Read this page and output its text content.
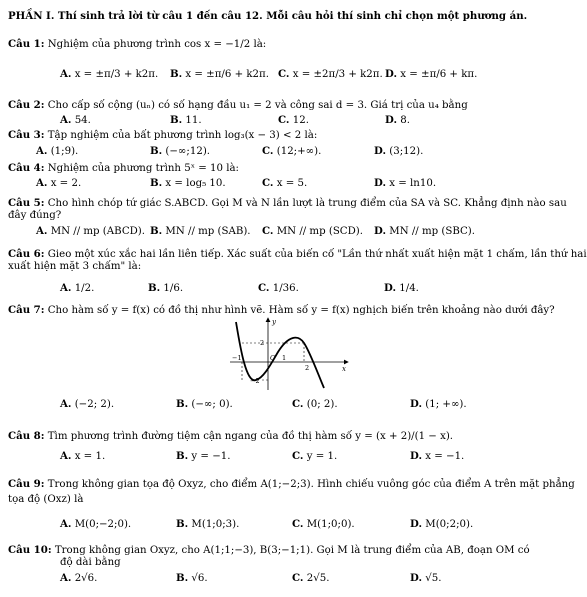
PHẦN I. Thí sinh trả lời từ câu 1 đến câu 12. Mỗi câu hỏi thí sinh chỉ chọn một phương án.
Câu 1: Nghiệm của phương trình cos x = −1/2 là:
A. x = ±π/3 + k2π. B. x = ±π/6 + k2π. C. x = ±2π/3 + k2π. D. x = ±π/6 + kπ.
Câu 2: Cho cấp số cộng (uₙ) có số hạng đầu u₁ = 2 và công sai d = 3. Giá trị của u₄ bằng
A. 54.	B. 11.	C. 12.	D. 8.
Câu 3: Tập nghiệm của bất phương trình log₃(x − 3) < 2 là:
A. (1;9).	B. (−∞;12).	C. (12;+∞).	D. (3;12).
Câu 4: Nghiệm của phương trình 5ˣ = 10 là:
A. x = 2.	B. x = log₅ 10.	C. x = 5.	D. x = ln10.
Câu 5: Cho hình chóp tứ giác S.ABCD. Gọi M và N lần lượt là trung điểm của SA và SC. Khẳng định nào sau
đây đúng?
A. MN // mp (ABCD). B. MN // mp (SAB). C. MN // mp (SCD). D. MN // mp (SBC).
Câu 6: Gieo một xúc xắc hai lần liên tiếp. Xác suất của biến cố "Lần thứ nhất xuất hiện mặt 1 chấm, lần thứ hai
xuất hiện mặt 3 chấm" là:
A. 1/2.	B. 1/6.	C. 1/36.	D. 1/4.
Câu 7: Cho hàm số y = f(x) có đồ thị như hình vẽ. Hàm số y = f(x) nghịch biến trên khoảng nào dưới đây?
y
x
O
2
−1	1
2
−2
A. (−2; 2).	B. (−∞; 0).	C. (0; 2).	D. (1; +∞).
Câu 8: Tìm phương trình đường tiệm cận ngang của đồ thị hàm số y = (x + 2)/(1 − x).
A. x = 1.	B. y = −1.	C. y = 1.	D. x = −1.
Câu 9: Trong không gian tọa độ Oxyz, cho điểm A(1;−2;3). Hình chiếu vuông góc của điểm A trên mặt phẳng
tọa độ (Oxz) là
A. M(0;−2;0).	B. M(1;0;3).	C. M(1;0;0).	D. M(0;2;0).
Câu 10: Trong không gian Oxyz, cho A(1;1;−3), B(3;−1;1). Gọi M là trung điểm của AB, đoạn OM có
độ dài bằng
A. 2√6.	B. √6.	C. 2√5.	D. √5.
